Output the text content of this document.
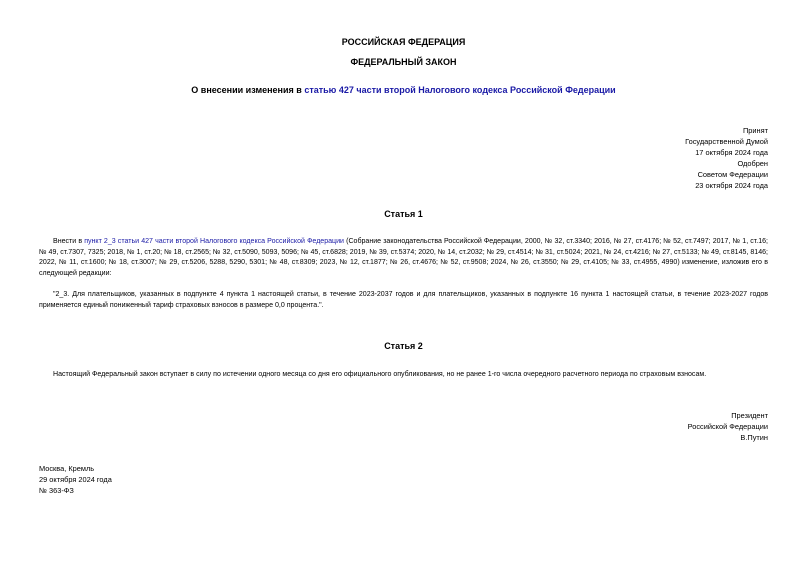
РОССИЙСКАЯ ФЕДЕРАЦИЯ
ФЕДЕРАЛЬНЫЙ ЗАКОН
О внесении изменения в статью 427 части второй Налогового кодекса Российской Федерации
Принят
Государственной Думой
17 октября 2024 года
Одобрен
Советом Федерации
23 октября 2024 года
Статья 1
Внести в пункт 2_3 статьи 427 части второй Налогового кодекса Российской Федерации (Собрание законодательства Российской Федерации, 2000, № 32, ст.3340; 2016, № 27, ст.4176; № 52, ст.7497; 2017, № 1, ст.16; № 49, ст.7307, 7325; 2018, № 1, ст.20; № 18, ст.2565; № 32, ст.5090, 5093, 5096; № 45, ст.6828; 2019, № 39, ст.5374; 2020, № 14, ст.2032; № 29, ст.4514; № 31, ст.5024; 2021, № 24, ст.4216; № 27, ст.5133; № 49, ст.8145, 8146; 2022, № 11, ст.1600; № 18, ст.3007; № 29, ст.5206, 5288, 5290, 5301; № 48, ст.8309; 2023, № 12, ст.1877; № 26, ст.4676; № 52, ст.9508; 2024, № 26, ст.3550; № 29, ст.4105; № 33, ст.4955, 4990) изменение, изложив его в следующей редакции:
"2_3. Для плательщиков, указанных в подпункте 4 пункта 1 настоящей статьи, в течение 2023-2037 годов и для плательщиков, указанных в подпункте 16 пункта 1 настоящей статьи, в течение 2023-2027 годов применяется единый пониженный тариф страховых взносов в размере 0,0 процента.".
Статья 2
Настоящий Федеральный закон вступает в силу по истечении одного месяца со дня его официального опубликования, но не ранее 1-го числа очередного расчетного периода по страховым взносам.
Президент
Российской Федерации
В.Путин
Москва, Кремль
29 октября 2024 года
№ 363-ФЗ
